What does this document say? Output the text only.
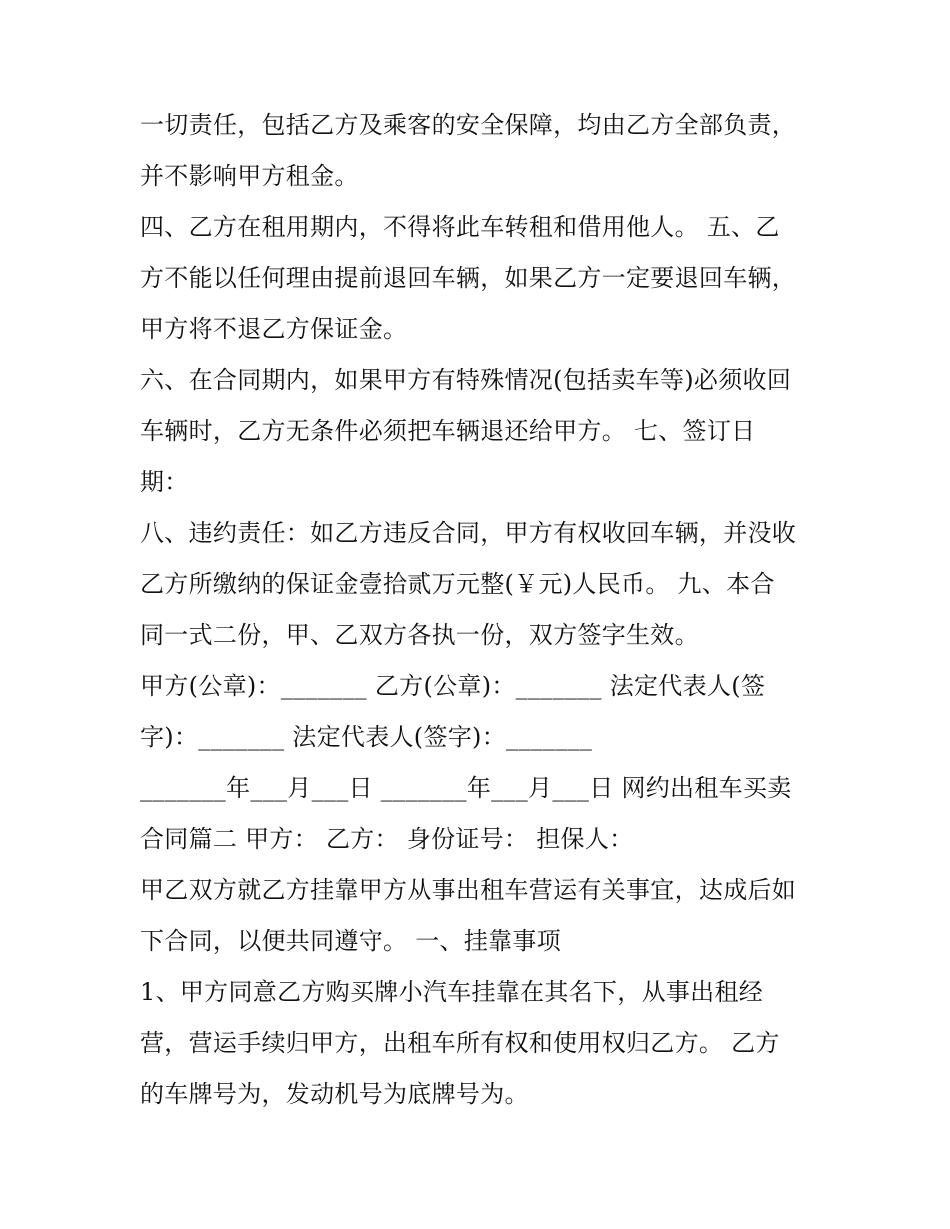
一切责任，包括乙方及乘客的安全保障，均由乙方全部负责，
并不影响甲方租金。
四、乙方在租用期内，不得将此车转租和借用他人。 五、乙
方不能以任何理由提前退回车辆，如果乙方一定要退回车辆，
甲方将不退乙方保证金。
六、在合同期内，如果甲方有特殊情况(包括卖车等)必须收回
车辆时，乙方无条件必须把车辆退还给甲方。 七、签订日
期：
八、违约责任：如乙方违反合同，甲方有权收回车辆，并没收
乙方所缴纳的保证金壹拾贰万元整(￥元)人民币。 九、本合
同一式二份，甲、乙双方各执一份，双方签字生效。
甲方(公章)：_______ 乙方(公章)：_______ 法定代表人(签
字)：_______ 法定代表人(签字)：_______
_______年___月___日 _______年___月___日 网约出租车买卖
合同篇二 甲方： 乙方： 身份证号： 担保人：
甲乙双方就乙方挂靠甲方从事出租车营运有关事宜，达成后如
下合同，以便共同遵守。 一、挂靠事项
1、甲方同意乙方购买牌小汽车挂靠在其名下，从事出租经
营，营运手续归甲方，出租车所有权和使用权归乙方。 乙方
的车牌号为，发动机号为底牌号为。
